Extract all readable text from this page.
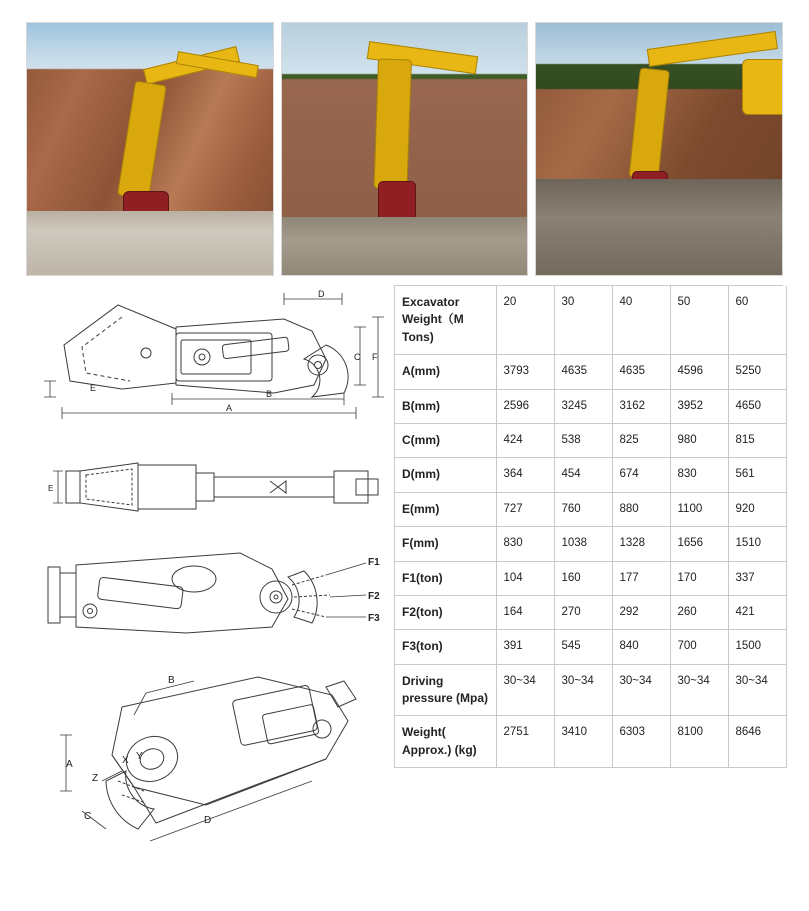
A
B
E
C F
D
E
F1
F2
F3
B
A
C	D
X Y
Z
Excavator Weight（M Tons)	20	30	40	50	60
A(mm)	3793	4635	4635	4596	5250
B(mm)	2596	3245	3162	3952	4650
C(mm)	424	538	825	980	815
D(mm)	364	454	674	830	561
E(mm)	727	760	880	1100	920
F(mm)	830	1038	1328	1656	1510
F1(ton)	104	160	177	170	337
F2(ton)	164	270	292	260	421
F3(ton)	391	545	840	700	1500
Driving pressure (Mpa)	30~34	30~34	30~34	30~34	30~34
Weight( Approx.) (kg)	2751	3410	6303	8100	8646
